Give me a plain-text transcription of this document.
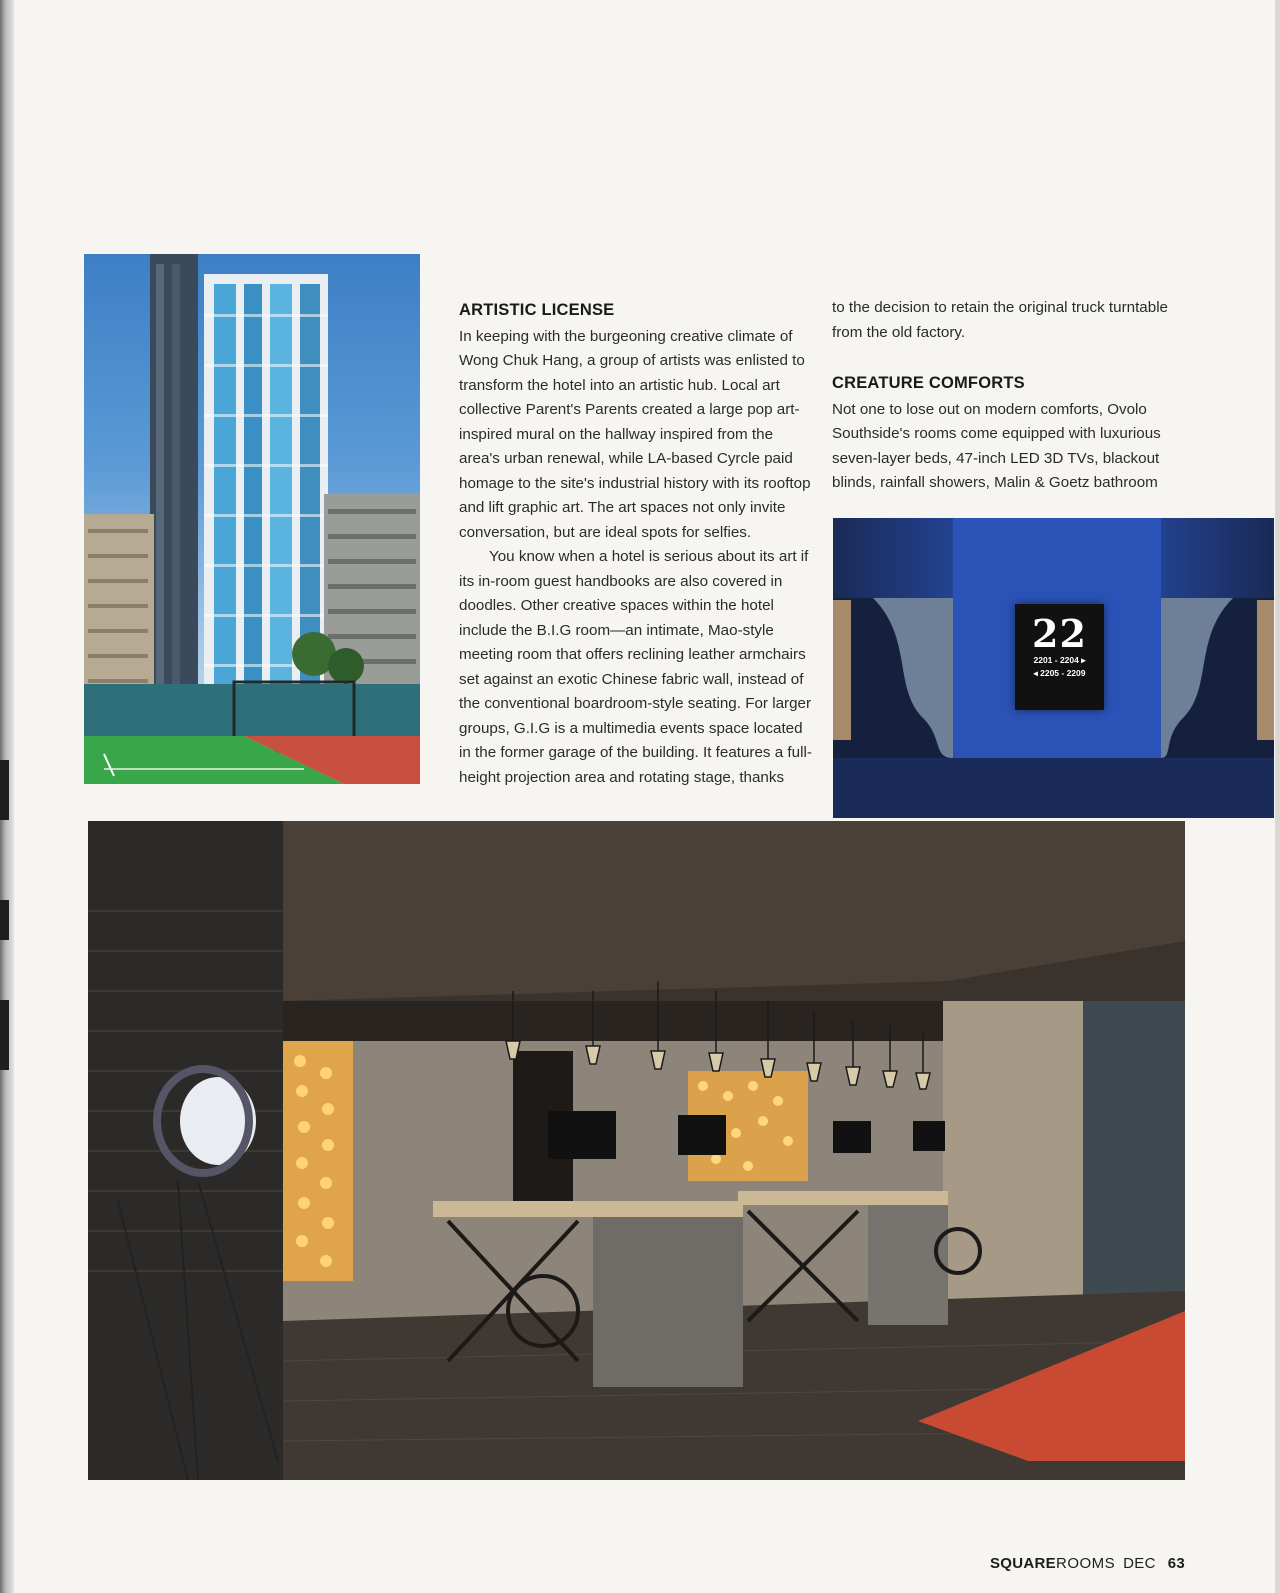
ARTISTIC LICENSE

In keeping with the burgeoning creative climate of Wong Chuk Hang, a group of artists was enlisted to transform the hotel into an artistic hub. Local art collective Parent's Parents created a large pop art-inspired mural on the hallway inspired from the area's urban renewal, while LA-based Cyrcle paid homage to the site's industrial history with its rooftop and lift graphic art. The art spaces not only invite conversation, but are ideal spots for selfies.

You know when a hotel is serious about its art if its in-room guest handbooks are also covered in doodles. Other creative spaces within the hotel include the B.I.G room—an intimate, Mao-style meeting room that offers reclining leather armchairs set against an exotic Chinese fabric wall, instead of the conventional boardroom-style seating. For larger groups, G.I.G is a multimedia events space located in the former garage of the building. It features a full-height projection area and rotating stage, thanks

to the decision to retain the original truck turntable from the old factory.

CREATURE COMFORTS

Not one to lose out on modern comforts, Ovolo Southside's rooms come equipped with luxurious seven-layer beds, 47-inch LED 3D TVs, blackout blinds, rainfall showers, Malin & Goetz bathroom

22
2201 - 2204 ▸
◂ 2205 - 2209
SQUAREROOMS DEC 63
